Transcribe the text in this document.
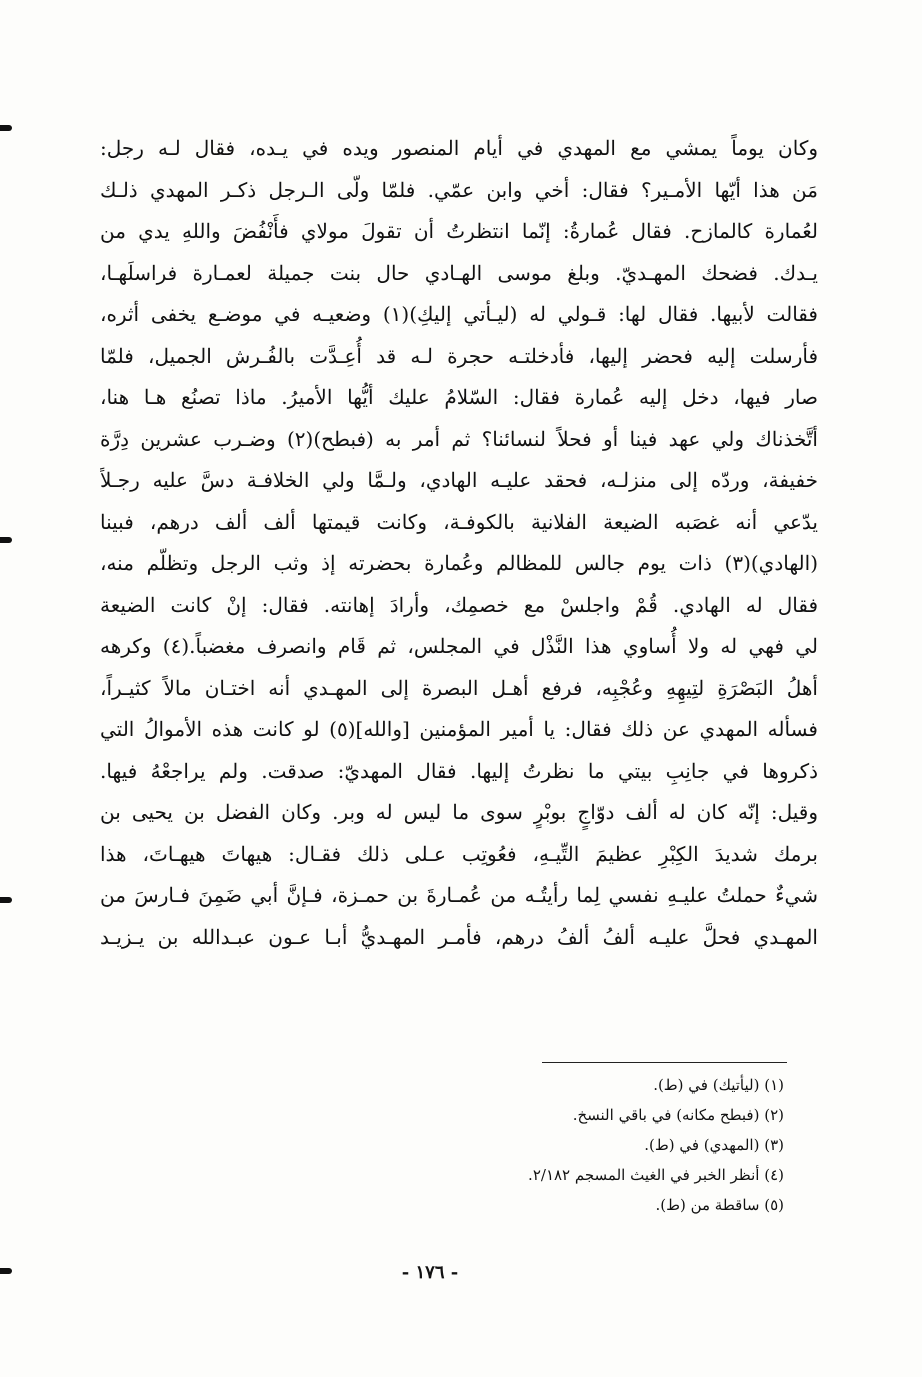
وكان يوماً يمشي مع المهدي في أيام المنصور ويده في يـده، فقال لـه رجل:
مَن هذا أيّها الأمـير؟ فقال: أخي وابن عمّي. فلمّا ولّى الـرجل ذكـر المهدي ذلـك
لعُمارة كالمازح. فقال عُمارةُ: إنّما انتظرتُ أن تقولَ مولاي فأَنْفُضَ واللهِ يدي من
يـدك. فضحك المهـديّ. وبلغ موسى الهـادي حال بنت جميلة لعمـارة فراسلَهـا،
فقالت لأبيها. فقال لها: قـولي له (ليـأتي إليكِ)(١) وضعيـه في موضـع يخفى أثره،
فأرسلت إليه فحضر إليها، فأدخلتـه حجرة لـه قد أُعِـدَّت بالفُـرش الجميل، فلمّا
صار فيها، دخل إليه عُمارة فقال: السّلامُ عليك أيُّها الأميرُ. ماذا تصنُع هـا هنا،
أتَّخذناك ولي عهد فينا أو فحلاً لنسائنا؟ ثم أمر به (فبطح)(٢) وضـرب عشرين دِرَّة
خفيفة، وردّه إلى منزلـه، فحقد عليـه الهادي، ولـمَّا ولي الخلافـة دسَّ عليه رجـلاً
يدّعي أنه غصَبه الضيعة الفلانية بالكوفـة، وكانت قيمتها ألف ألف درهم، فبينا
(الهادي)(٣) ذات يوم جالس للمظالم وعُمارة بحضرته إذ وثب الرجل وتظلّم منه،
فقال له الهادي. قُمْ واجلسْ مع خصمِك، وأرادَ إهانته. فقال: إنْ كانت الضيعة
لي فهي له ولا أُساوي هذا النَّذْل في المجلس، ثم قَام وانصرف مغضباً.(٤) وكرهه
أهلُ البَصْرَةِ لتِيهِهِ وعُجْبِه، فرفع أهـل البصرة إلى المهـدي أنه اختـان مالاً كثيـراً،
فسأله المهدي عن ذلك فقال: يا أمير المؤمنين [والله](٥) لو كانت هذه الأموالُ التي
ذكروها في جانِبِ بيتي ما نظرتُ إليها. فقال المهديّ: صدقت. ولم يراجعْهُ فيها.
وقيل: إنّه كان له ألف دوّاجٍ بوبْرٍ سوى ما ليس له وبر. وكان الفضل بن يحيى بن
برمك شديدَ الكِبْرِ عظيمَ التِّيـهِ، فعُوتِب عـلى ذلك فقـال: هيهاتَ هيهـاتَ، هذا
شيءٌ حملتُ عليـهِ نفسي لِما رأيتُـه من عُمـارةَ بن حمـزة، فـإنَّ أبي ضَمِنَ فـارسَ من
المهـدي فحلَّ عليـه ألفُ ألفُ درهم، فأمـر المهـديُّ أبـا عـون عبـدالله بن يـزيـد
(١) (ليأتيك) في (ط).
(٢) (فبطح مكانه) في باقي النسخ.
(٣) (المهدي) في (ط).
(٤) أنظر الخبر في الغيث المسجم ٢/١٨٢.
(٥) ساقطة من (ط).
- ١٧٦ -
